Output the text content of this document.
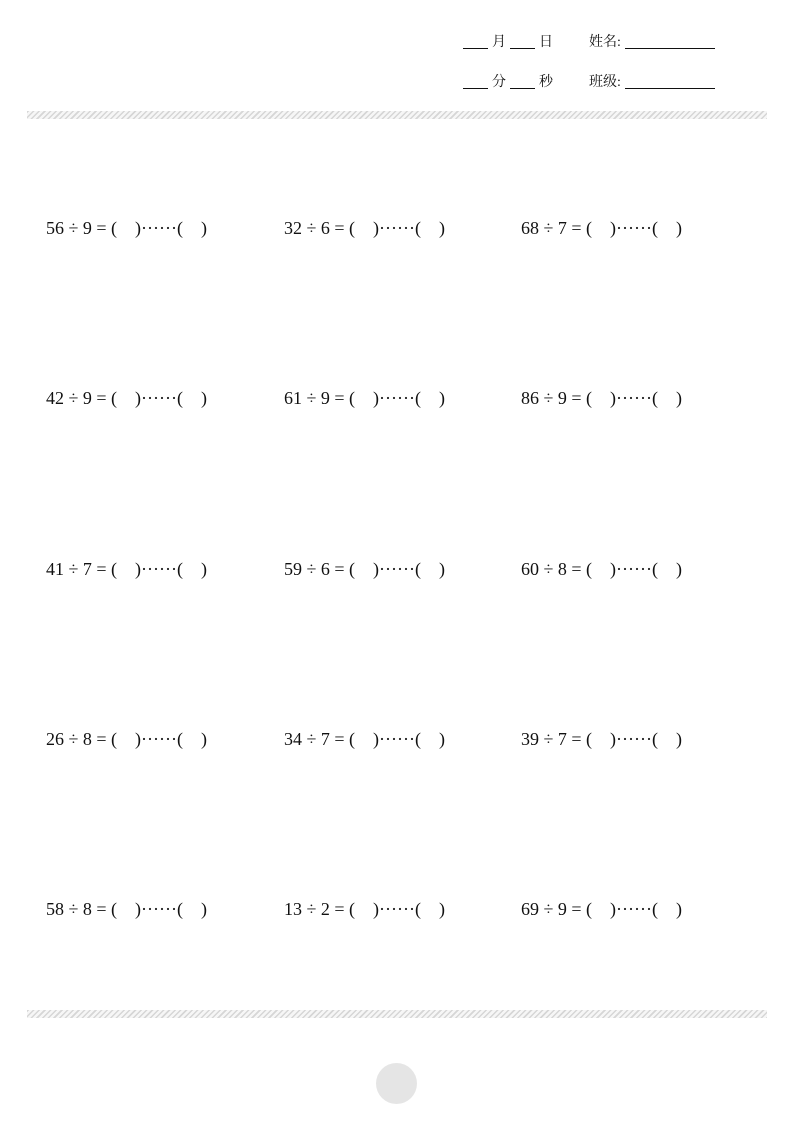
月 日	姓名:
分 秒	班级:
56 ÷ 9 = (    )······(    )	32 ÷ 6 = (    )······(    )	68 ÷ 7 = (    )······(    )
42 ÷ 9 = (    )······(    )	61 ÷ 9 = (    )······(    )	86 ÷ 9 = (    )······(    )
41 ÷ 7 = (    )······(    )	59 ÷ 6 = (    )······(    )	60 ÷ 8 = (    )······(    )
26 ÷ 8 = (    )······(    )	34 ÷ 7 = (    )······(    )	39 ÷ 7 = (    )······(    )
58 ÷ 8 = (    )······(    )	13 ÷ 2 = (    )······(    )	69 ÷ 9 = (    )······(    )
